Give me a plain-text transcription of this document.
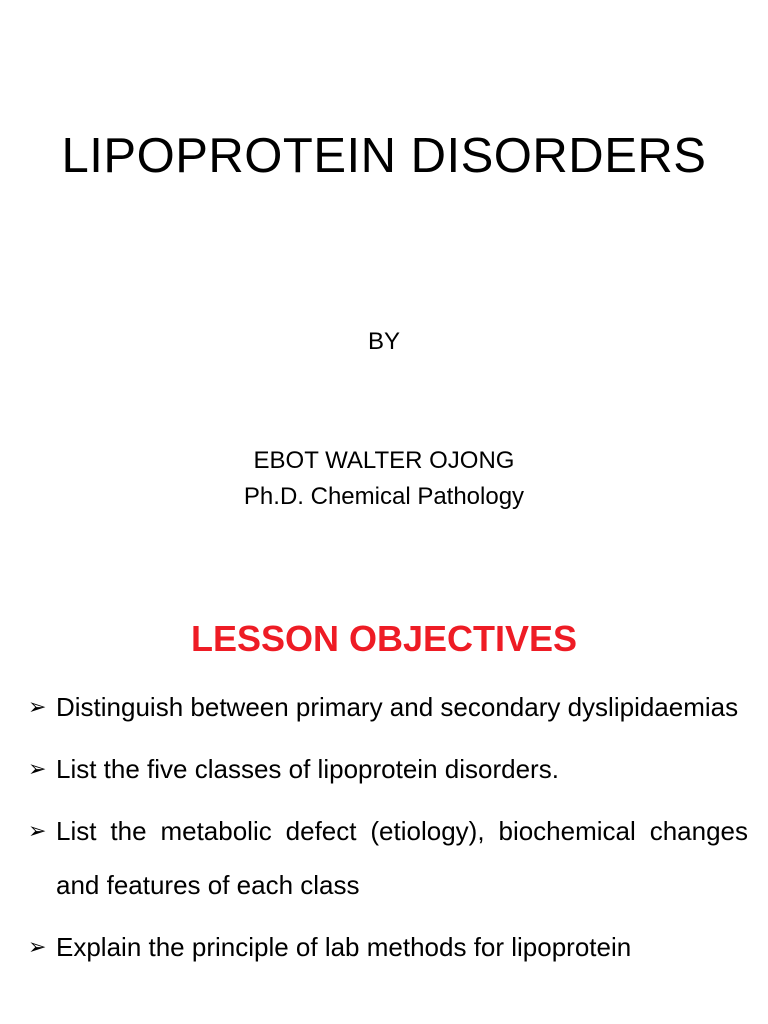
LIPOPROTEIN DISORDERS
BY
EBOT WALTER OJONG
Ph.D. Chemical Pathology
LESSON OBJECTIVES
➢ Distinguish between primary and secondary dyslipidaemias
➢ List the five classes of lipoprotein disorders.
➢ List the metabolic defect (etiology), biochemical changes and features of each class
➢ Explain the principle of lab methods for lipoprotein
